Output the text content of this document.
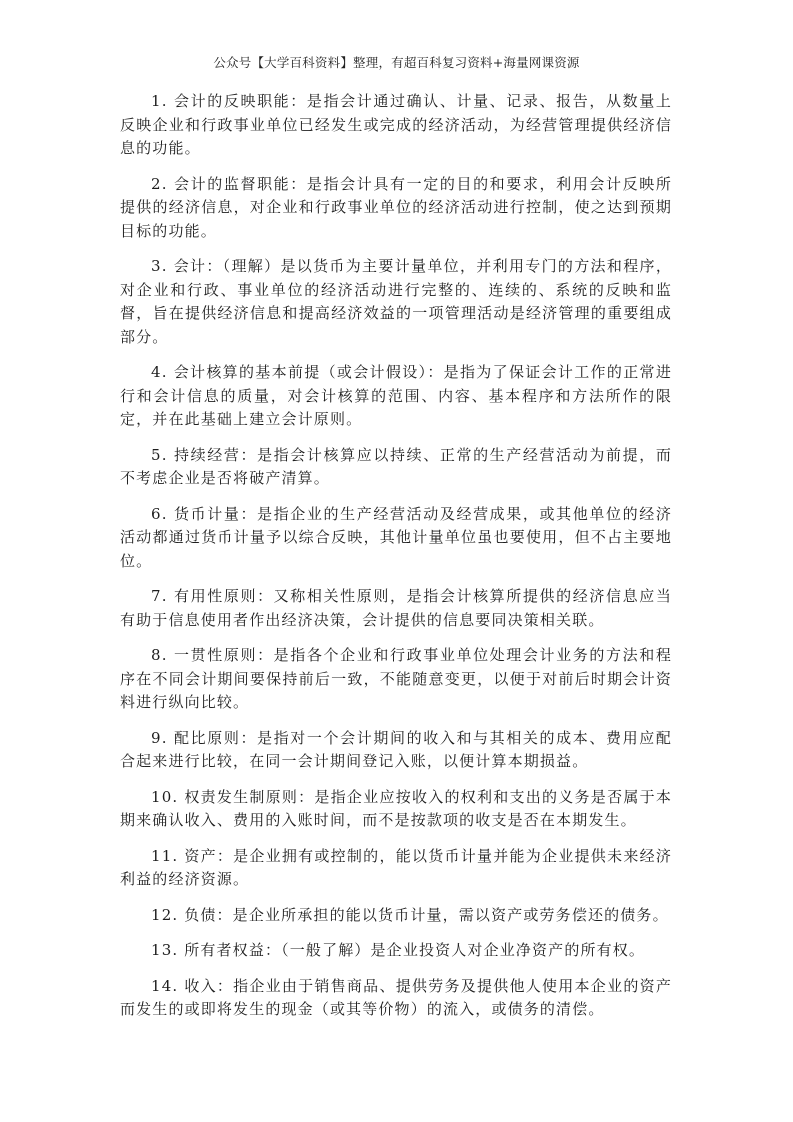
公众号【大学百科资料】整理，有超百科复习资料+海量网课资源

1. 会计的反映职能：是指会计通过确认、计量、记录、报告，从数量上反映企业和行政事业单位已经发生或完成的经济活动，为经营管理提供经济信息的功能。

2. 会计的监督职能：是指会计具有一定的目的和要求，利用会计反映所提供的经济信息，对企业和行政事业单位的经济活动进行控制，使之达到预期目标的功能。

3. 会计：（理解）是以货币为主要计量单位，并利用专门的方法和程序，对企业和行政、事业单位的经济活动进行完整的、连续的、系统的反映和监督，旨在提供经济信息和提高经济效益的一项管理活动是经济管理的重要组成部分。

4. 会计核算的基本前提（或会计假设）：是指为了保证会计工作的正常进行和会计信息的质量，对会计核算的范围、内容、基本程序和方法所作的限定，并在此基础上建立会计原则。

5. 持续经营：是指会计核算应以持续、正常的生产经营活动为前提，而不考虑企业是否将破产清算。

6. 货币计量：是指企业的生产经营活动及经营成果，或其他单位的经济活动都通过货币计量予以综合反映，其他计量单位虽也要使用，但不占主要地位。

7. 有用性原则：又称相关性原则，是指会计核算所提供的经济信息应当有助于信息使用者作出经济决策，会计提供的信息要同决策相关联。

8. 一贯性原则：是指各个企业和行政事业单位处理会计业务的方法和程序在不同会计期间要保持前后一致，不能随意变更，以便于对前后时期会计资料进行纵向比较。

9. 配比原则：是指对一个会计期间的收入和与其相关的成本、费用应配合起来进行比较，在同一会计期间登记入账，以便计算本期损益。

10. 权责发生制原则：是指企业应按收入的权利和支出的义务是否属于本期来确认收入、费用的入账时间，而不是按款项的收支是否在本期发生。

11. 资产：是企业拥有或控制的，能以货币计量并能为企业提供未来经济利益的经济资源。

12. 负债：是企业所承担的能以货币计量，需以资产或劳务偿还的债务。

13. 所有者权益：（一般了解）是企业投资人对企业净资产的所有权。

14. 收入：指企业由于销售商品、提供劳务及提供他人使用本企业的资产而发生的或即将发生的现金（或其等价物）的流入，或债务的清偿。
